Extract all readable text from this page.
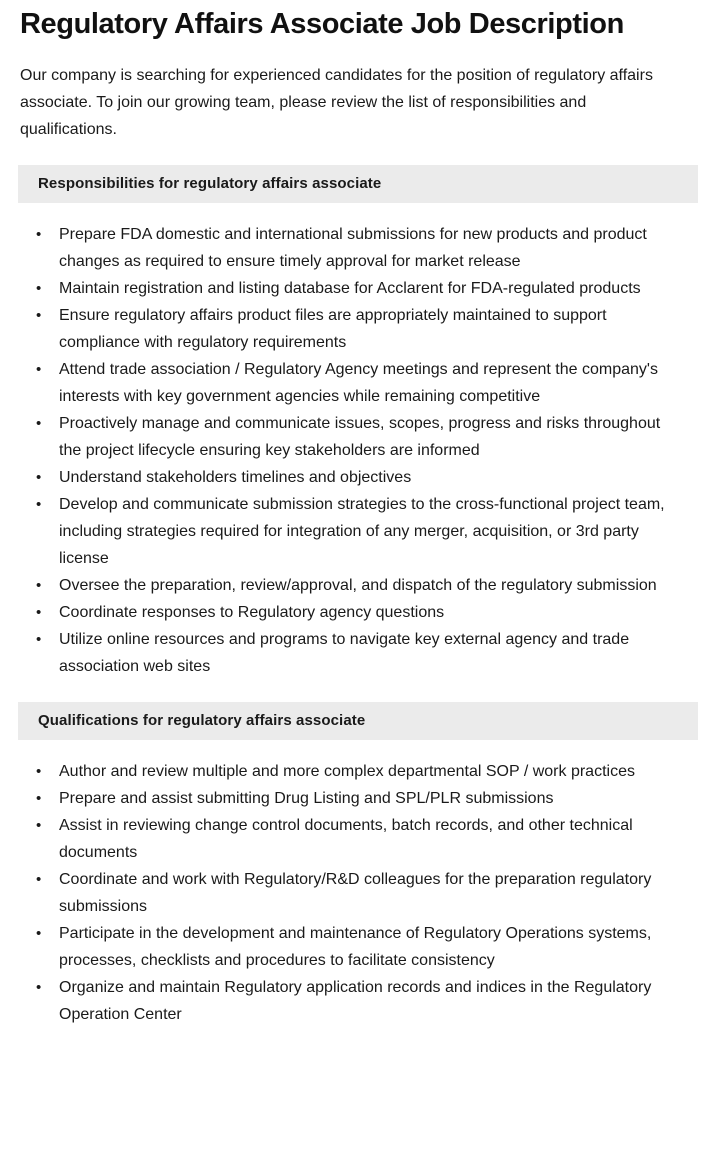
Regulatory Affairs Associate Job Description

Our company is searching for experienced candidates for the position of regulatory affairs associate. To join our growing team, please review the list of responsibilities and qualifications.

Responsibilities for regulatory affairs associate
• Prepare FDA domestic and international submissions for new products and product changes as required to ensure timely approval for market release
• Maintain registration and listing database for Acclarent for FDA-regulated products
• Ensure regulatory affairs product files are appropriately maintained to support compliance with regulatory requirements
• Attend trade association / Regulatory Agency meetings and represent the company's interests with key government agencies while remaining competitive
• Proactively manage and communicate issues, scopes, progress and risks throughout the project lifecycle ensuring key stakeholders are informed
• Understand stakeholders timelines and objectives
• Develop and communicate submission strategies to the cross-functional project team, including strategies required for integration of any merger, acquisition, or 3rd party license
• Oversee the preparation, review/approval, and dispatch of the regulatory submission
• Coordinate responses to Regulatory agency questions
• Utilize online resources and programs to navigate key external agency and trade association web sites
Qualifications for regulatory affairs associate
• Author and review multiple and more complex departmental SOP / work practices
• Prepare and assist submitting Drug Listing and SPL/PLR submissions
• Assist in reviewing change control documents, batch records, and other technical documents
• Coordinate and work with Regulatory/R&D colleagues for the preparation regulatory submissions
• Participate in the development and maintenance of Regulatory Operations systems, processes, checklists and procedures to facilitate consistency
• Organize and maintain Regulatory application records and indices in the Regulatory Operation Center
